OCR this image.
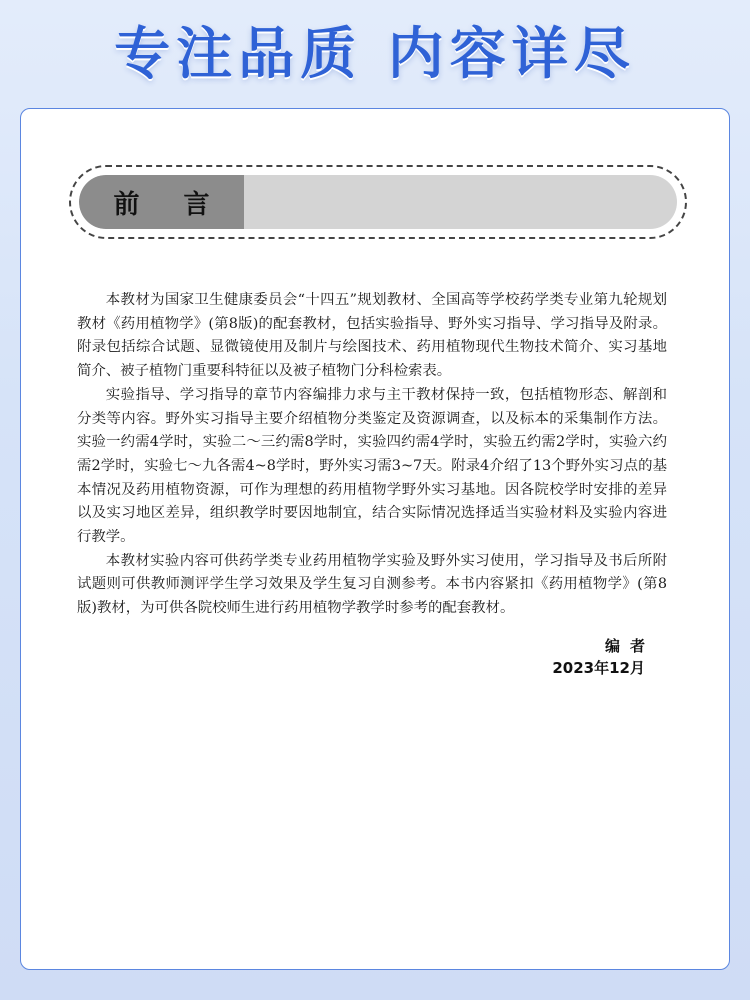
专注品质 内容详尽
前言

本教材为国家卫生健康委员会“十四五”规划教材、全国高等学校药学类专业第九轮规划教材《药用植物学》(第8版)的配套教材，包括实验指导、野外实习指导、学习指导及附录。附录包括综合试题、显微镜使用及制片与绘图技术、药用植物现代生物技术简介、实习基地简介、被子植物门重要科特征以及被子植物门分科检索表。

实验指导、学习指导的章节内容编排力求与主干教材保持一致，包括植物形态、解剖和分类等内容。野外实习指导主要介绍植物分类鉴定及资源调查，以及标本的采集制作方法。实验一约需4学时，实验二～三约需8学时，实验四约需4学时，实验五约需2学时，实验六约需2学时，实验七～九各需4~8学时，野外实习需3~7天。附录4介绍了13个野外实习点的基本情况及药用植物资源，可作为理想的药用植物学野外实习基地。因各院校学时安排的差异以及实习地区差异，组织教学时要因地制宜，结合实际情况选择适当实验材料及实验内容进行教学。

本教材实验内容可供药学类专业药用植物学实验及野外实习使用，学习指导及书后所附试题则可供教师测评学生学习效果及学生复习自测参考。本书内容紧扣《药用植物学》(第8版)教材，为可供各院校师生进行药用植物学教学时参考的配套教材。

编者
2023年12月
